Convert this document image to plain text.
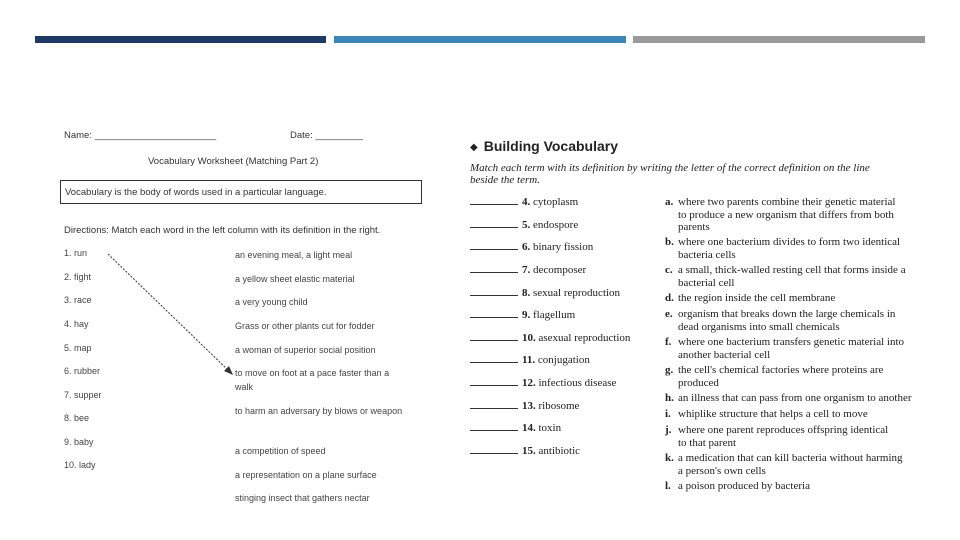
Name: _______________________	Date: _________
Vocabulary Worksheet (Matching Part 2)
Vocabulary is the body of words used in a particular language.
Directions: Match each word in the left column with its definition in the right.
1. run
2. fight
3. race
4. hay
5. map
6. rubber
7. supper
8. bee
9. baby
10. lady
an evening meal, a light meal
a yellow sheet elastic material
a very young child
Grass or other plants cut for fodder
a woman of superior social position
to move on foot at a pace faster than a walk
to harm an adversary by blows or weapon
a competition of speed
a representation on a plane surface
stinging insect that gathers nectar
◆ Building Vocabulary
Match each term with its definition by writing the letter of the correct definition on the line beside the term.
4. cytoplasm
5. endospore
6. binary fission
7. decomposer
8. sexual reproduction
9. flagellum
10. asexual reproduction
11. conjugation
12. infectious disease
13. ribosome
14. toxin
15. antibiotic
a. where two parents combine their genetic material
to produce a new organism that differs from both
parents
b. where one bacterium divides to form two identical
bacteria cells
c. a small, thick-walled resting cell that forms inside a
bacterial cell
d. the region inside the cell membrane
e. organism that breaks down the large chemicals in
dead organisms into small chemicals
f. where one bacterium transfers genetic material into
another bacterial cell
g. the cell's chemical factories where proteins are
produced
h. an illness that can pass from one organism to another
i. whiplike structure that helps a cell to move
j. where one parent reproduces offspring identical
to that parent
k. a medication that can kill bacteria without harming
a person's own cells
l. a poison produced by bacteria
